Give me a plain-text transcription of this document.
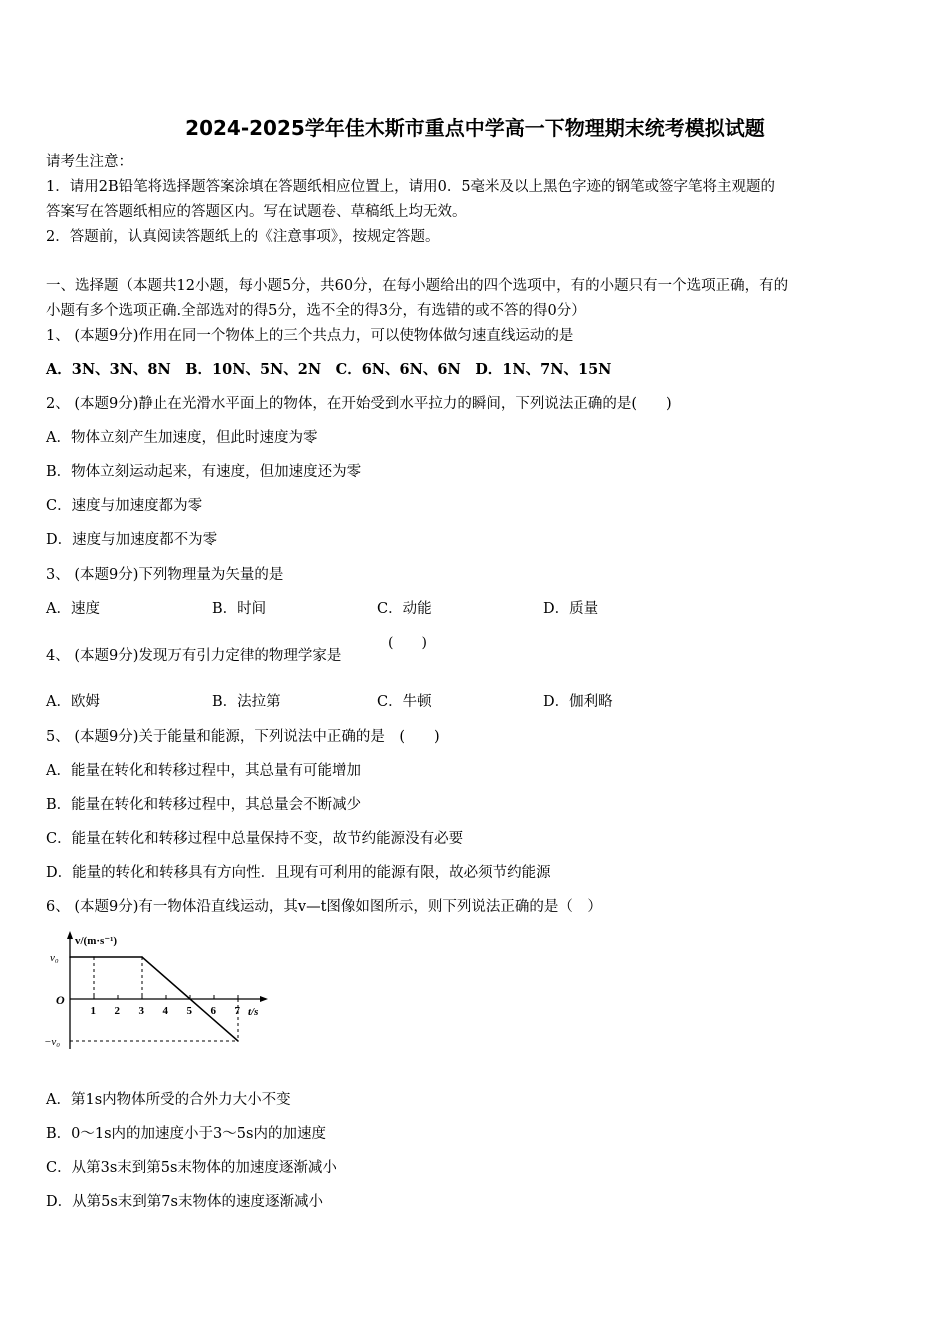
2024-2025学年佳木斯市重点中学高一下物理期末统考模拟试题
请考生注意：
1．请用2B铅笔将选择题答案涂填在答题纸相应位置上，请用0．5毫米及以上黑色字迹的钢笔或签字笔将主观题的
答案写在答题纸相应的答题区内。写在试题卷、草稿纸上均无效。
2．答题前，认真阅读答题纸上的《注意事项》，按规定答题。
一、选择题（本题共12小题，每小题5分，共60分，在每小题给出的四个选项中，有的小题只有一个选项正确，有的
小题有多个选项正确.全部选对的得5分，选不全的得3分，有选错的或不答的得0分）
1、 (本题9分)作用在同一个物体上的三个共点力，可以使物体做匀速直线运动的是
A．3N、3N、8N　B．10N、5N、2N　C．6N、6N、6N　D．1N、7N、15N
2、 (本题9分)静止在光滑水平面上的物体，在开始受到水平拉力的瞬间，下列说法正确的是(　　)
A．物体立刻产生加速度，但此时速度为零
B．物体立刻运动起来，有速度，但加速度还为零
C．速度与加速度都为零
D．速度与加速度都不为零
3、 (本题9分)下列物理量为矢量的是
A．速度	B．时间	C．动能	D．质量
4、 (本题9分)发现万有引力定律的物理学家是
(　　)
A．欧姆	B．法拉第	C．牛顿	D．伽利略
5、 (本题9分)关于能量和能源，下列说法中正确的是　(　　)
A．能量在转化和转移过程中，其总量有可能增加
B．能量在转化和转移过程中，其总量会不断减少
C．能量在转化和转移过程中总量保持不变，故节约能源没有必要
D．能量的转化和转移具有方向性．且现有可利用的能源有限，故必须节约能源
6、 (本题9分)有一物体沿直线运动，其v—t图像如图所示，则下列说法正确的是（　）
v/(m·s⁻¹)
t/s
O
v₀
−v₀
1 2 3 4 5 6 7
A．第1s内物体所受的合外力大小不变
B．0～1s内的加速度小于3～5s内的加速度
C．从第3s末到第5s末物体的加速度逐渐减小
D．从第5s末到第7s末物体的速度逐渐减小
